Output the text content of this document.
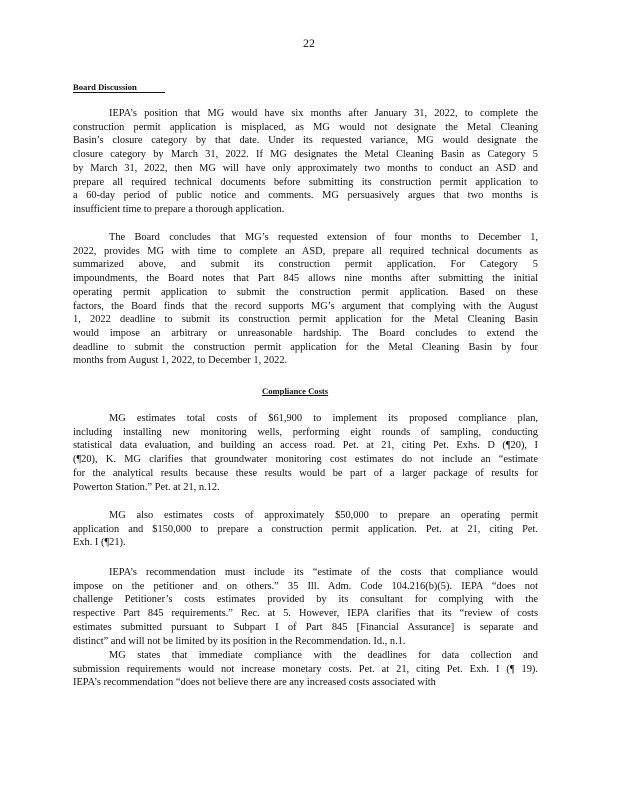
22
Board Discussion
IEPA’s position that MG would have six months after January 31, 2022, to complete the
construction permit application is misplaced, as MG would not designate the Metal Cleaning
Basin’s closure category by that date. Under its requested variance, MG would designate the
closure category by March 31, 2022. If MG designates the Metal Cleaning Basin as Category 5
by March 31, 2022, then MG will have only approximately two months to conduct an ASD and
prepare all required technical documents before submitting its construction permit application to
a 60-day period of public notice and comments. MG persuasively argues that two months is
insufficient time to prepare a thorough application.
The Board concludes that MG’s requested extension of four months to December 1,
2022, provides MG with time to complete an ASD, prepare all required technical documents as
summarized above, and submit its construction permit application. For Category 5
impoundments, the Board notes that Part 845 allows nine months after submitting the initial
operating permit application to submit the construction permit application. Based on these
factors, the Board finds that the record supports MG’s argument that complying with the August
1, 2022 deadline to submit its construction permit application for the Metal Cleaning Basin
would impose an arbitrary or unreasonable hardship. The Board concludes to extend the
deadline to submit the construction permit application for the Metal Cleaning Basin by four
months from August 1, 2022, to December 1, 2022.
Compliance Costs
MG estimates total costs of $61,900 to implement its proposed compliance plan,
including installing new monitoring wells, performing eight rounds of sampling, conducting
statistical data evaluation, and building an access road. Pet. at 21, citing Pet. Exhs. D (¶20), I
(¶20), K. MG clarifies that groundwater monitoring cost estimates do not include an “estimate
for the analytical results because these results would be part of a larger package of results for
Powerton Station.” Pet. at 21, n.12.
MG also estimates costs of approximately $50,000 to prepare an operating permit
application and $150,000 to prepare a construction permit application. Pet. at 21, citing Pet.
Exh. I (¶21).
IEPA’s recommendation must include its “estimate of the costs that compliance would
impose on the petitioner and on others.” 35 Ill. Adm. Code 104.216(b)(5). IEPA “does not
challenge Petitioner’s costs estimates provided by its consultant for complying with the
respective Part 845 requirements.” Rec. at 5. However, IEPA clarifies that its “review of costs
estimates submitted pursuant to Subpart I of Part 845 [Financial Assurance] is separate and
distinct” and will not be limited by its position in the Recommendation. Id., n.1.
MG states that immediate compliance with the deadlines for data collection and
submission requirements would not increase monetary costs. Pet. at 21, citing Pet. Exh. I (¶ 19).
IEPA’s recommendation “does not believe there are any increased costs associated with
